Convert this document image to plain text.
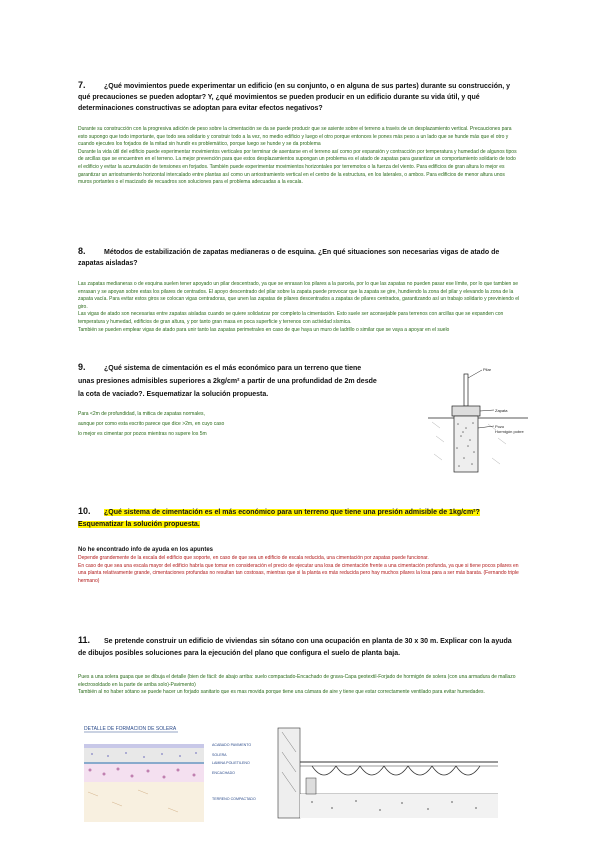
7.	¿Qué movimientos puede experimentar un edificio (en su conjunto, o en alguna de sus partes) durante su construcción, y qué precauciones se pueden adoptar? Y, ¿qué movimientos se pueden producir en un edificio durante su vida útil, y qué determinaciones constructivas se adoptan para evitar efectos negativos?

Durante su construcción con la progresiva adición de peso sobre la cimentación se da se puede producir que se asiente sobre el terreno a través de un desplazamiento vertical. Precauciones para esto supongo que todo importante, que todo sea solidario y construir todo a la vez, no medio edificio y luego el otro porque entonces le pones más peso a un lado que se hunde más que el otro y cuando ejecutes los forjados de la mitad sin hundir es problemático, porque luego se hunde y se da problema

Durante la vida útil del edificio puede experimentar movimientos verticales por terminar de asentarse en el terreno así como por expansión y contracción por temperatura y humedad de algunos tipos de arcillas que se encuentren en el terreno. La mejor prevención para que estos desplazamientos supongan un problema es el atado de zapatas para garantizar un comportamiento solidario de todo el edificio y evitar la acumulación de tensiones en forjados. También puede experimentar movimientos horizontales por terremotos o la fuerza del viento. Para edificios de gran altura lo mejor es garantizar un arriostramiento horizontal intercalado entre plantas así como un arriostramiento vertical en el centro de la estructura, en los laterales, o ambos. Para edificios de menor altura unos muros portantes o el macizado de recuadros son soluciones para el problema adecuadas a la escala.

8.	Métodos de estabilización de zapatas medianeras o de esquina. ¿En qué situaciones son necesarias vigas de atado de zapatas aisladas?

Las zapatas medianeras o de esquina suelen tener apoyado un pilar descentrado, ya que se enrasan los pilares a la parcela, por lo que las zapatas no pueden pasar ese límite, por lo que tambien se enrasan y se apoyan sobre estas los pilares de centrados. El apoyo descentrado del pilar sobre la zapata puede provocar que la zapata se gire, hundiendo la zona del pilar y elevando la zona de la zapata vacía. Para evitar estos giros se colocan vigas centradoras, que unen las zapatas de pilares descentrados a zapatas de pilares centrados, garantizando así un trabajo solidario y previniendo el giro.

Las vigas de atado son necesarias entre zapatas aisladas cuando se quiere solidarizar por completo la cimentación. Esto suele ser aconsejable para terrenos con arcillas que se expanden con temperatura y humedad, edificios de gran altura, y por tanto gran masa en poca superficie y terrenos con actividad sísmica.

También se pueden emplear vigas de atado para unir tanto las zapatas perimetrales en caso de que haya un muro de ladrillo o similar que se vaya a apoyar en el suelo

9.	¿Qué sistema de cimentación es el más económico para un terreno que tiene unas presiones admisibles superiores a 2kg/cm² a partir de una profundidad de 2m desde la cota de vaciado?. Esquematizar la solución propuesta.

Para <2m de profundidad, la mitica de zapatas normales,

aunque por como esta escrito parece que dice >2m, en cuyo caso

lo mejor es cimentar por pozos mientras no supere los 5m

Pilar
Zapata
Pozo
Hormigón pobre
10. ¿Qué sistema de cimentación es el más económico para un terreno que tiene una presión admisible de 1kg/cm²? Esquematizar la solución propuesta.

No he encontrado info de ayuda en los apuntes

Depende grandemente de la escala del edificio que soporte, en caso de que sea un edificio de escala reducida, una cimentación por zapatas puede funcionar.

En caso de que sea una escala mayor del edificio habría que tomar en consideración el precio de ejecutar una losa de cimentación frente a una cimentación profunda, ya que si tiene pocos pilares en una planta relativamente grande, cimentaciones profundas no resultan tan costosas, mientras que si la planta es más reducida pero hay muchos pilares la losa para a ser más barata. (Fernando triple hermano)

11. Se pretende construir un edificio de viviendas sin sótano con una ocupación en planta de 30 x 30 m. Explicar con la ayuda de dibujos posibles soluciones para la ejecución del plano que configura el suelo de planta baja.

Pues a una solera guapa que se dibuja el detalle (bien de fácil: de abajo arriba: suelo compactado-Encachado de grava-Capa geotextil-Forjado de hormigón de solera (con una armadura de mallazo electrosoldado en la parte de arriba solo)-Pavimento)

También al no haber sótano se puede hacer un forjado sanitario que es mas movida porque tiene una cámara de aire y tiene que estar correctamente ventilado para evitar humedades.

DETALLE DE FORMACION DE SOLERA
ACABADO PAVIMENTO
SOLERA
LAMINA POLIETILENO
ENCACHADO
TERRENO COMPACTADO
